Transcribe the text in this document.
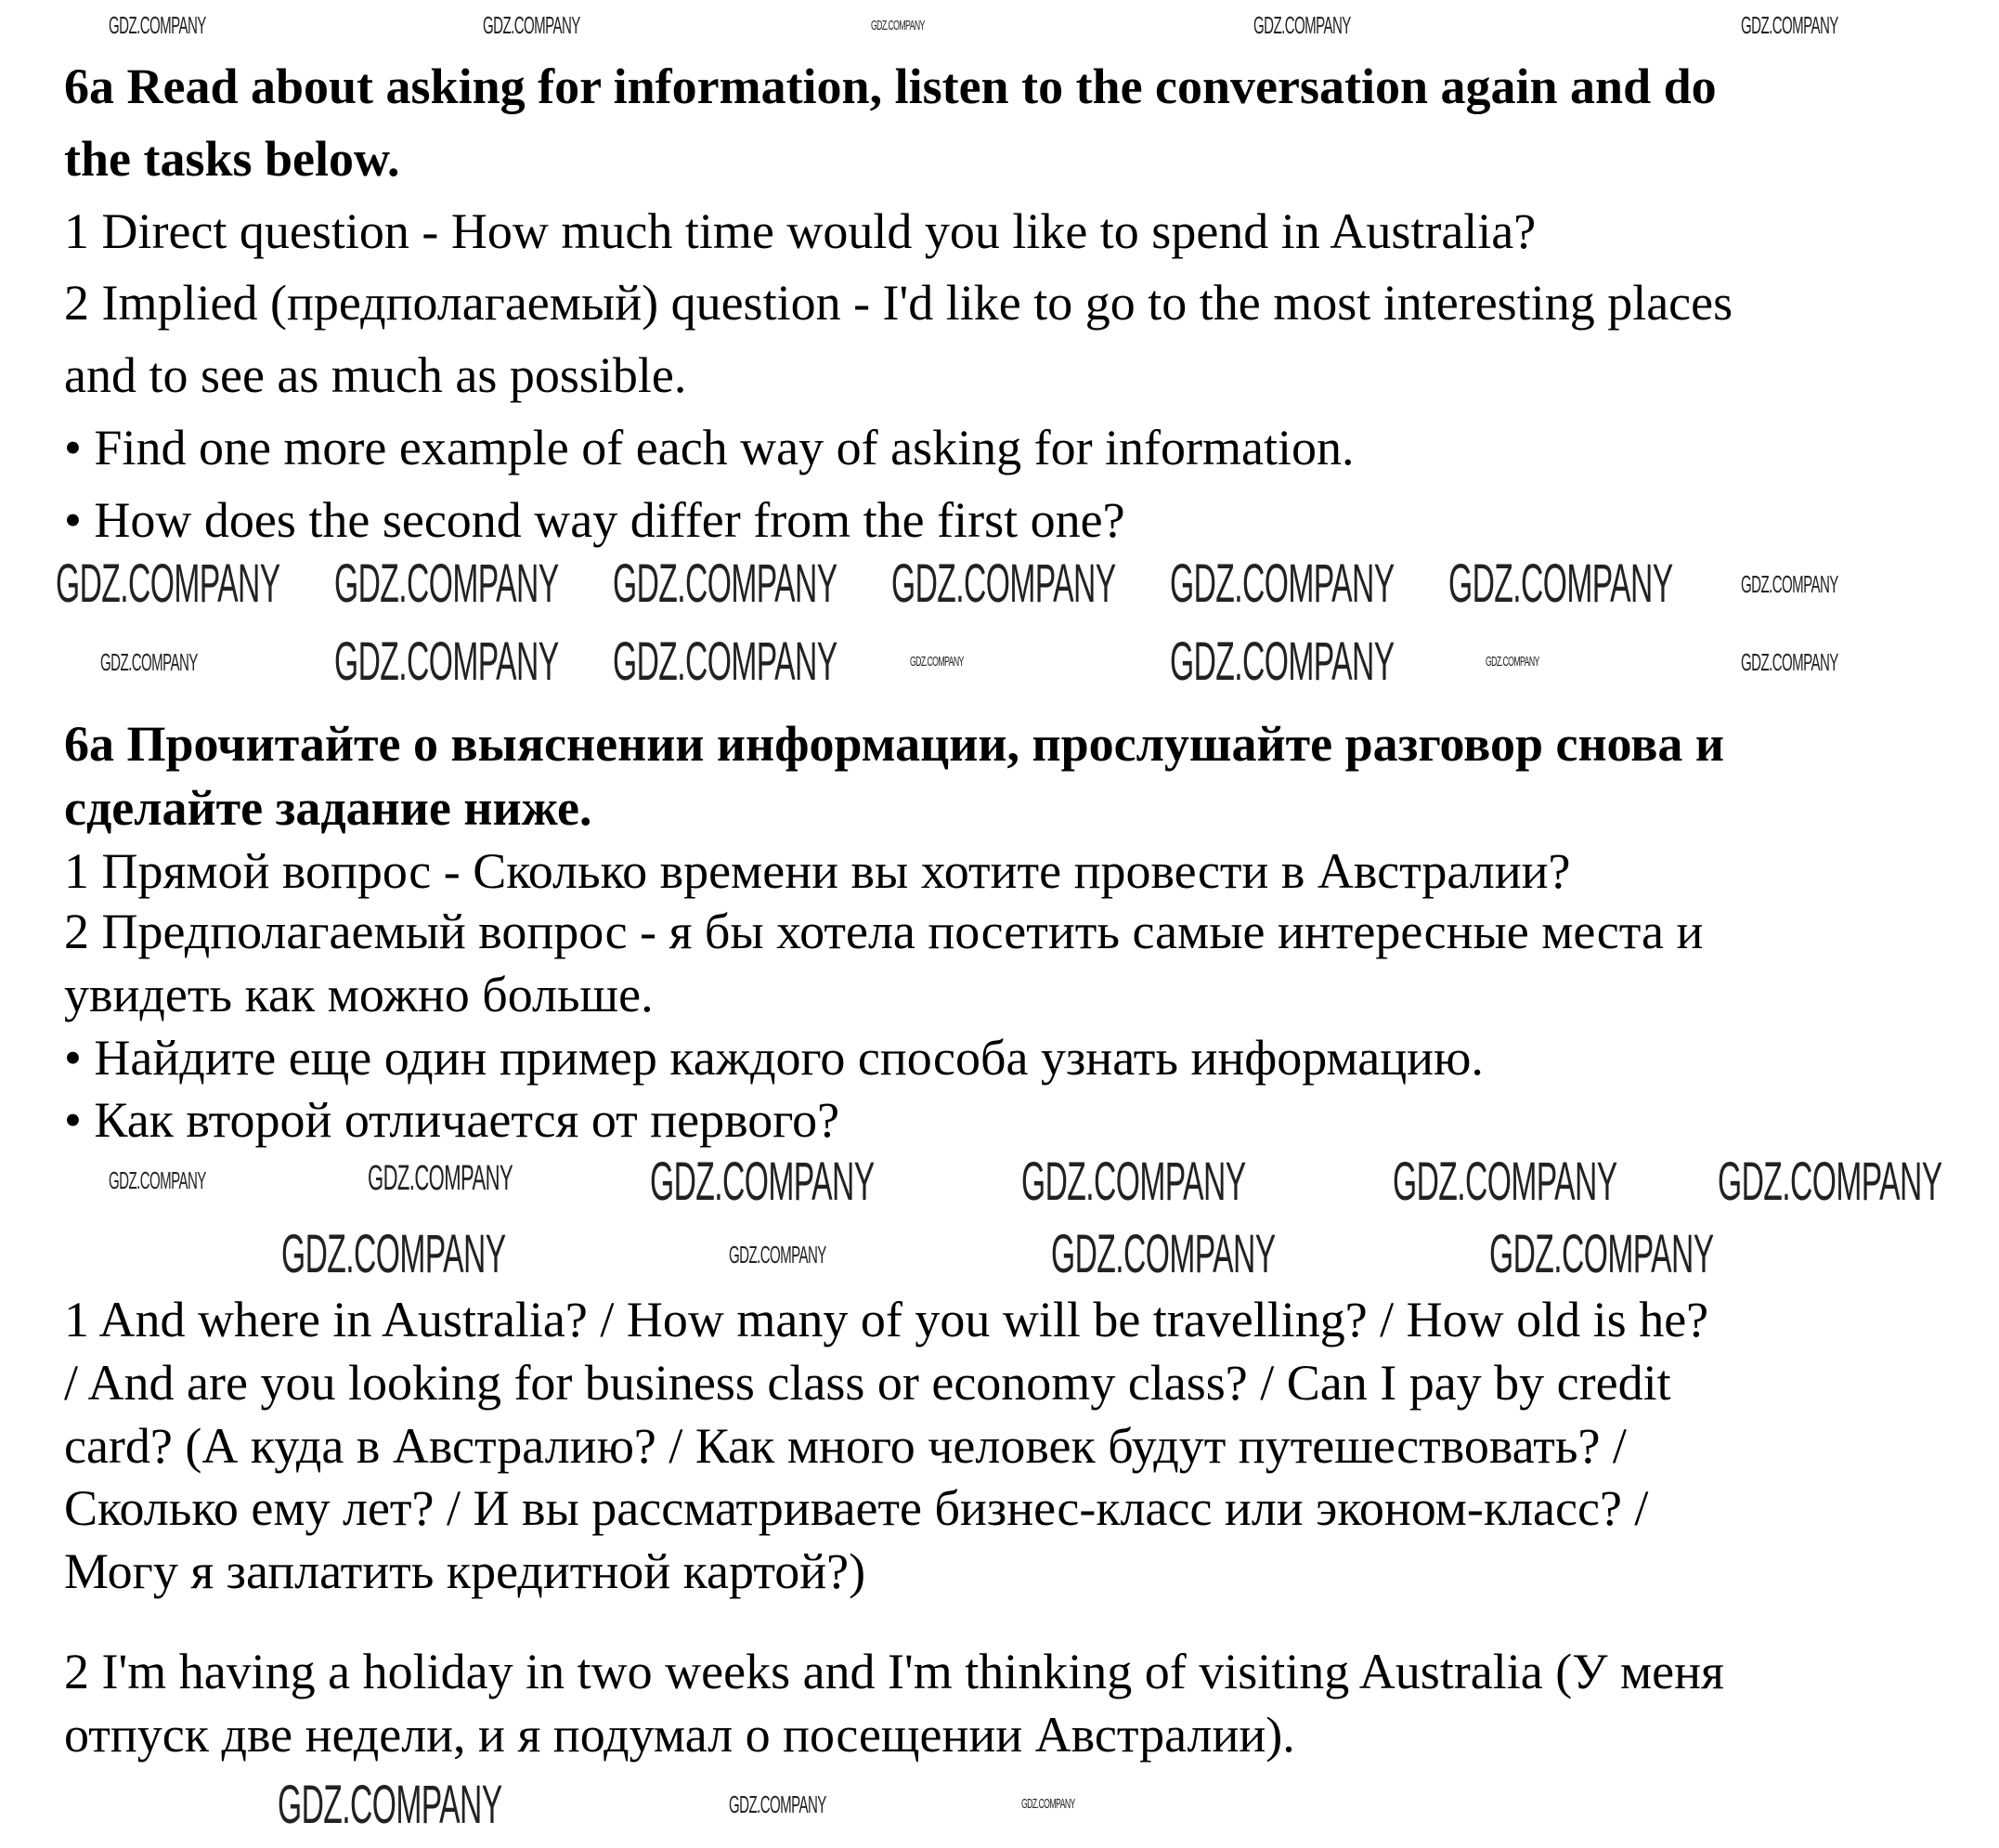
6a Read about asking for information, listen to the conversation again and do
the tasks below.
1 Direct question - How much time would you like to spend in Australia?
2 Implied (предполагаемый) question - I'd like to go to the most interesting places
and to see as much as possible.
• Find one more example of each way of asking for information.
• How does the second way differ from the first one?
6a Прочитайте о выяснении информации, прослушайте разговор снова и
сделайте задание ниже.
1 Прямой вопрос - Сколько времени вы хотите провести в Австралии?
2 Предполагаемый вопрос - я бы хотела посетить самые интересные места и
увидеть как можно больше.
• Найдите еще один пример каждого способа узнать информацию.
• Как второй отличается от первого?
1 And where in Australia? / How many of you will be travelling? / How old is he?
/ And are you looking for business class or economy class? / Can I pay by credit
card? (А куда в Австралию? / Как много человек будут путешествовать? /
Сколько ему лет? / И вы рассматриваете бизнес-класс или эконом-класс? /
Могу я заплатить кредитной картой?)
2 I'm having a holiday in two weeks and I'm thinking of visiting Australia (У меня
отпуск две недели, и я подумал о посещении Австралии).
GDZ.COMPANY	GDZ.COMPANY	GDZ.COMPANY	GDZ.COMPANY	GDZ.COMPANY
GDZ.COMPANY GDZ.COMPANY GDZ.COMPANY GDZ.COMPANY GDZ.COMPANY GDZ.COMPANY	GDZ.COMPANY
GDZ.COMPANY	GDZ.COMPANY GDZ.COMPANY	GDZ.COMPANY	GDZ.COMPANY	GDZ.COMPANY	GDZ.COMPANY
GDZ.COMPANY	GDZ.COMPANY	GDZ.COMPANY	GDZ.COMPANY	GDZ.COMPANY GDZ.COMPANY
GDZ.COMPANY	GDZ.COMPANY	GDZ.COMPANY	GDZ.COMPANY
GDZ.COMPANY	GDZ.COMPANY	GDZ.COMPANY
